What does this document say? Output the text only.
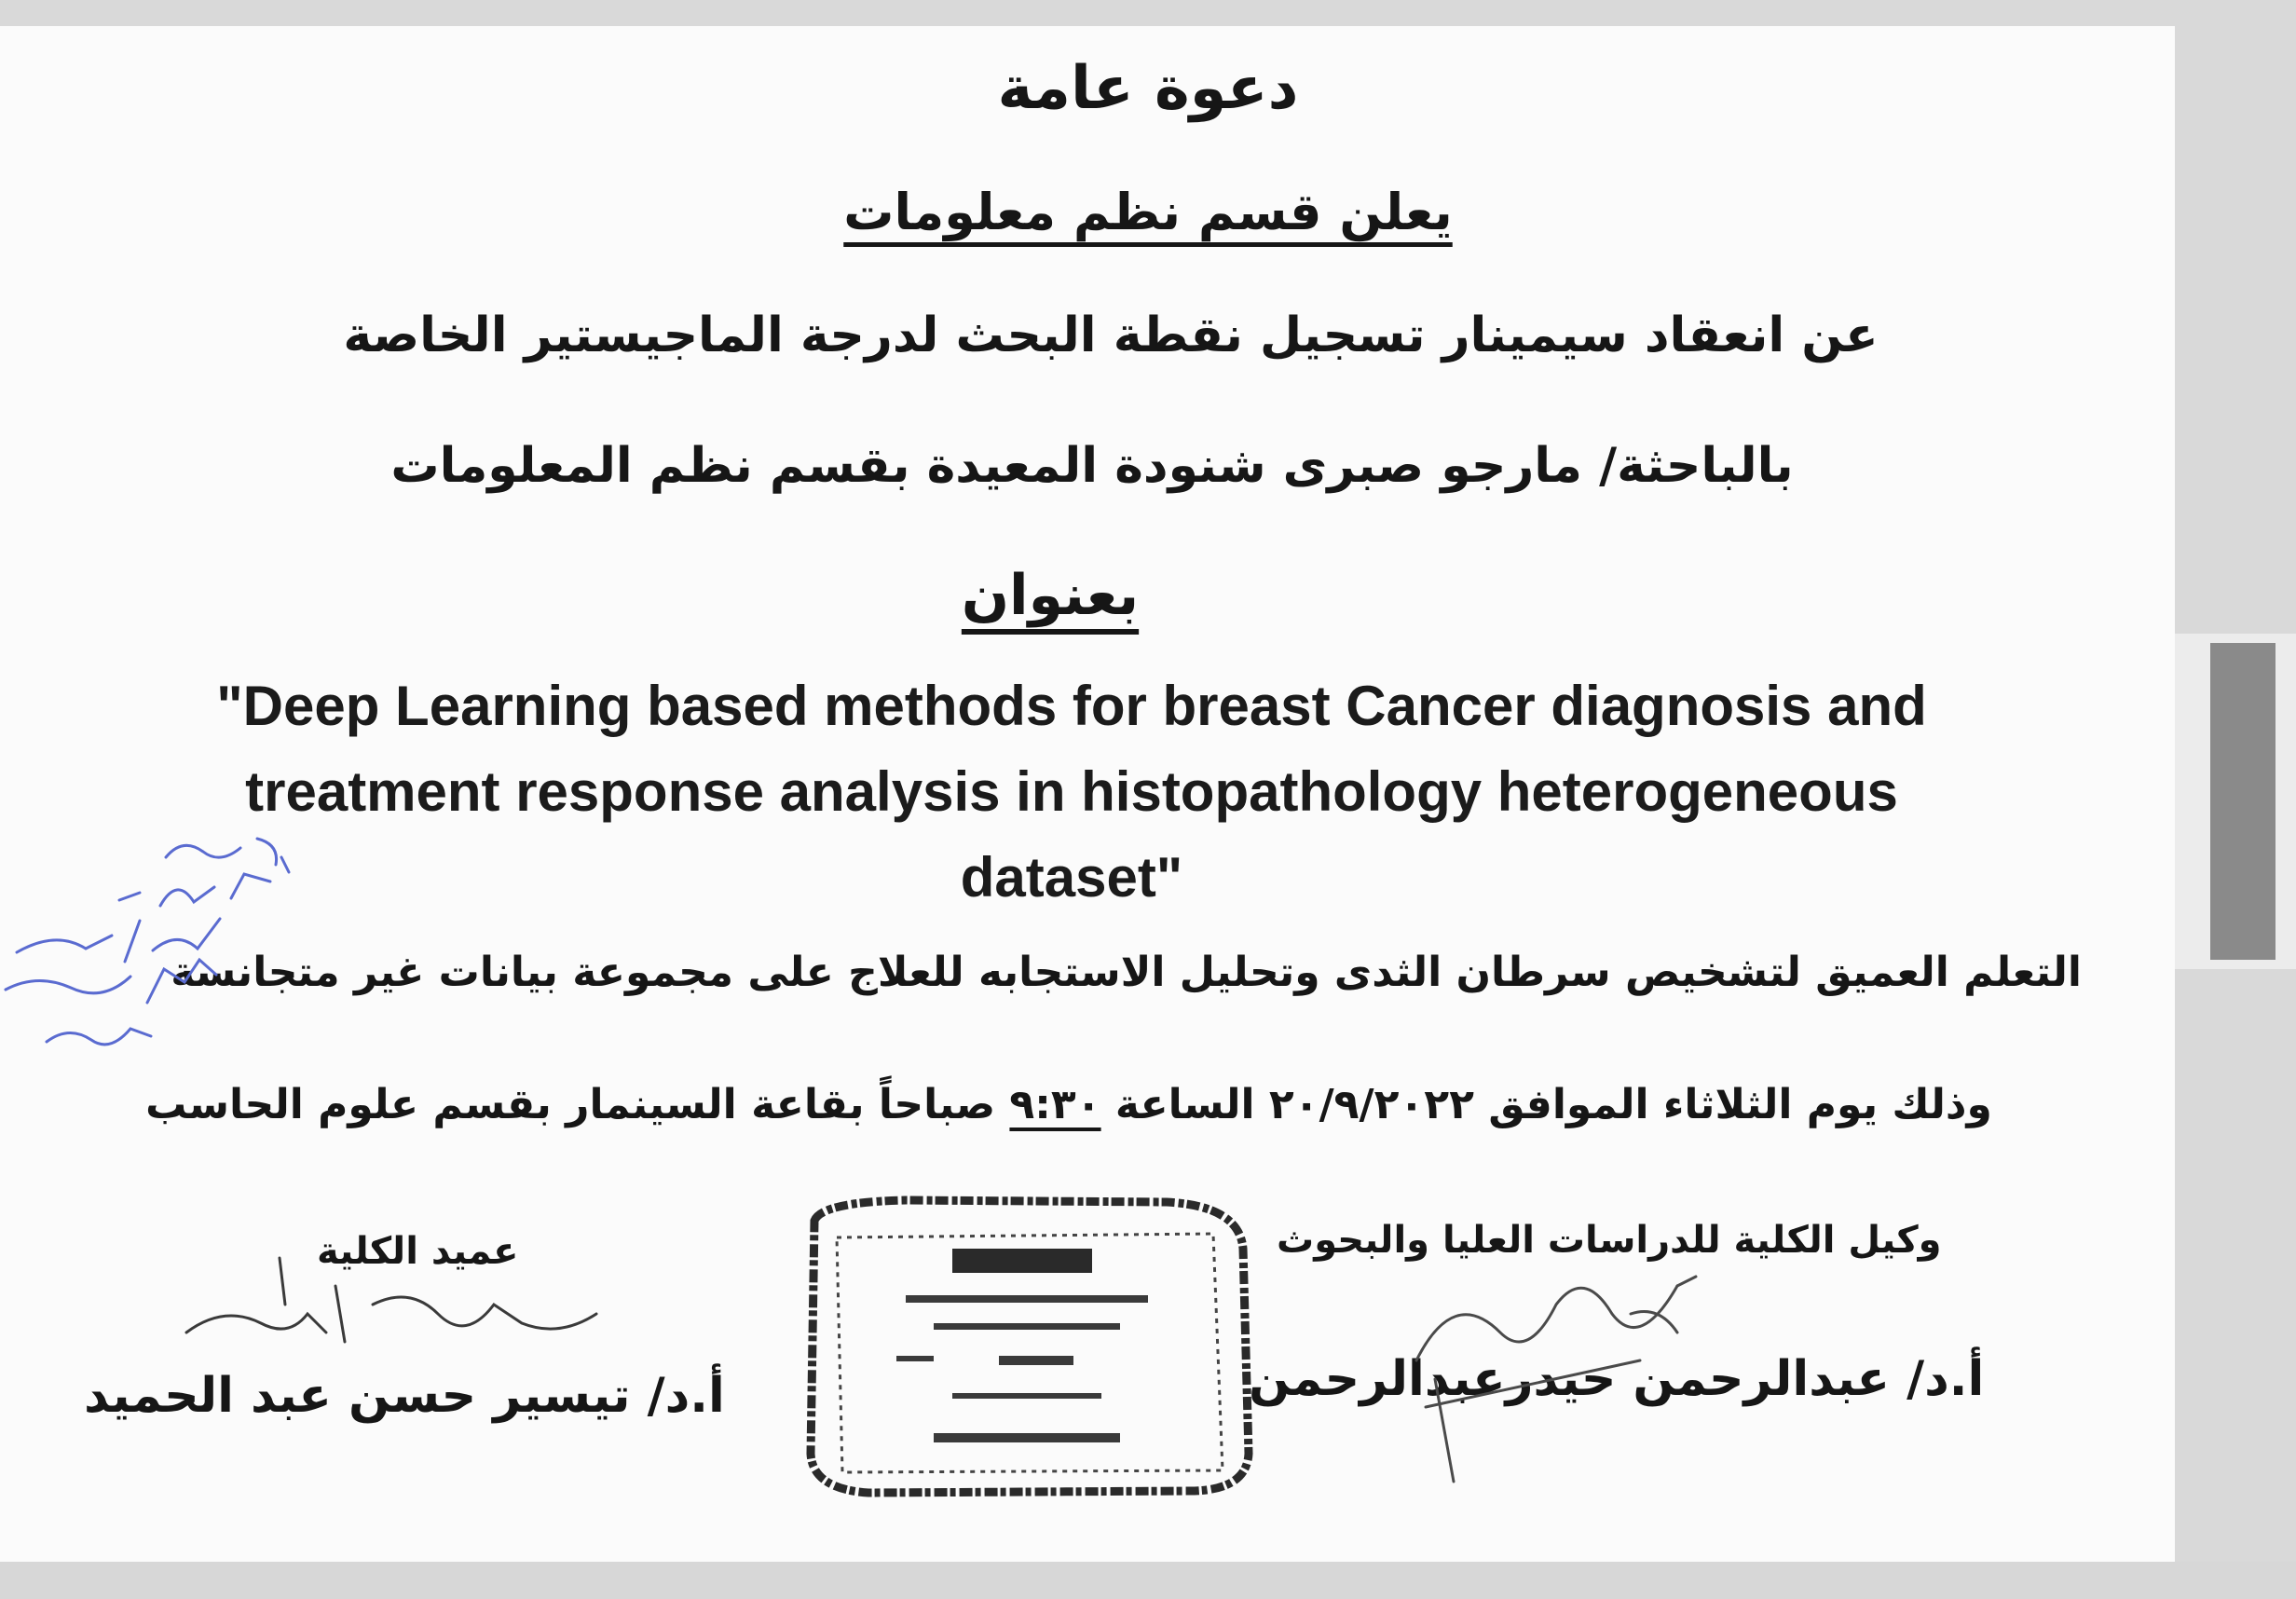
دعوة عامة
يعلن قسم نظم معلومات
عن انعقاد سيمينار تسجيل نقطة البحث لدرجة الماجيستير الخاصة
بالباحثة/ مارجو صبرى شنودة المعيدة بقسم نظم المعلومات
بعنوان
"Deep Learning based methods for breast Cancer diagnosis and
treatment response analysis in histopathology heterogeneous
dataset"
التعلم العميق لتشخيص سرطان الثدى وتحليل الاستجابه للعلاج على مجموعة بيانات غير متجانسة
وذلك يوم الثلاثاء الموافق ٢٠/٩/٢٠٢٢ الساعة ٩:٣٠ صباحاً بقاعة السينمار بقسم علوم الحاسب
وكيل الكلية للدراسات العليا والبحوث
عميد الكلية
أ.د/ عبدالرحمن حيدرعبدالرحمن
أ.د/ تيسير حسن عبد الحميد
